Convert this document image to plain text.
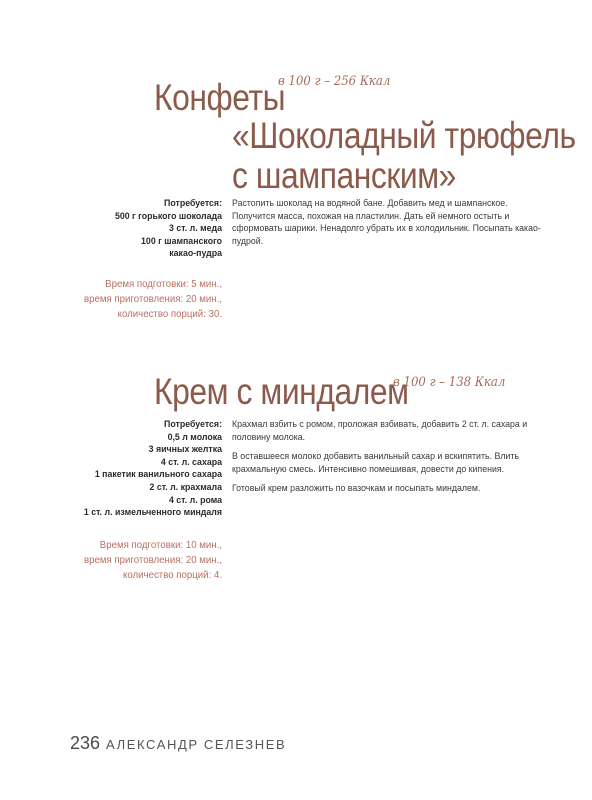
Конфеты
в 100 г – 256 Ккал
«Шоколадный трюфель
с шампанским»
Потребуется:
500 г горького шоколада
3 ст. л. меда
100 г шампанского
какао-пудра
Время подготовки: 5 мин.,
время приготовления: 20 мин.,
количество порций: 30.

Растопить шоколад на водяной бане. Добавить мед и шампанское. Получится масса, похожая на пластилин. Дать ей немного остыть и сформовать шарики. Ненадолго убрать их в холодильник. Посыпать какао-пудрой.

Крем с миндалем
в 100 г – 138 Ккал
Потребуется:
0,5 л молока
3 яичных желтка
4 ст. л. сахара
1 пакетик ванильного сахара
2 ст. л. крахмала
4 ст. л. рома
1 ст. л. измельченного миндаля
Время подготовки: 10 мин.,
время приготовления: 20 мин.,
количество порций: 4.

Крахмал взбить с ромом, проложая взбивать, добавить 2 ст. л. сахара и половину молока.

В оставшееся молоко добавить ванильный сахар и вскипятить. Влить крахмальную смесь. Интенсивно помешивая, довести до кипения.

Готовый крем разложить по вазочкам и посыпать миндалем.

236 АЛЕКСАНДР СЕЛЕЗНЕВ
